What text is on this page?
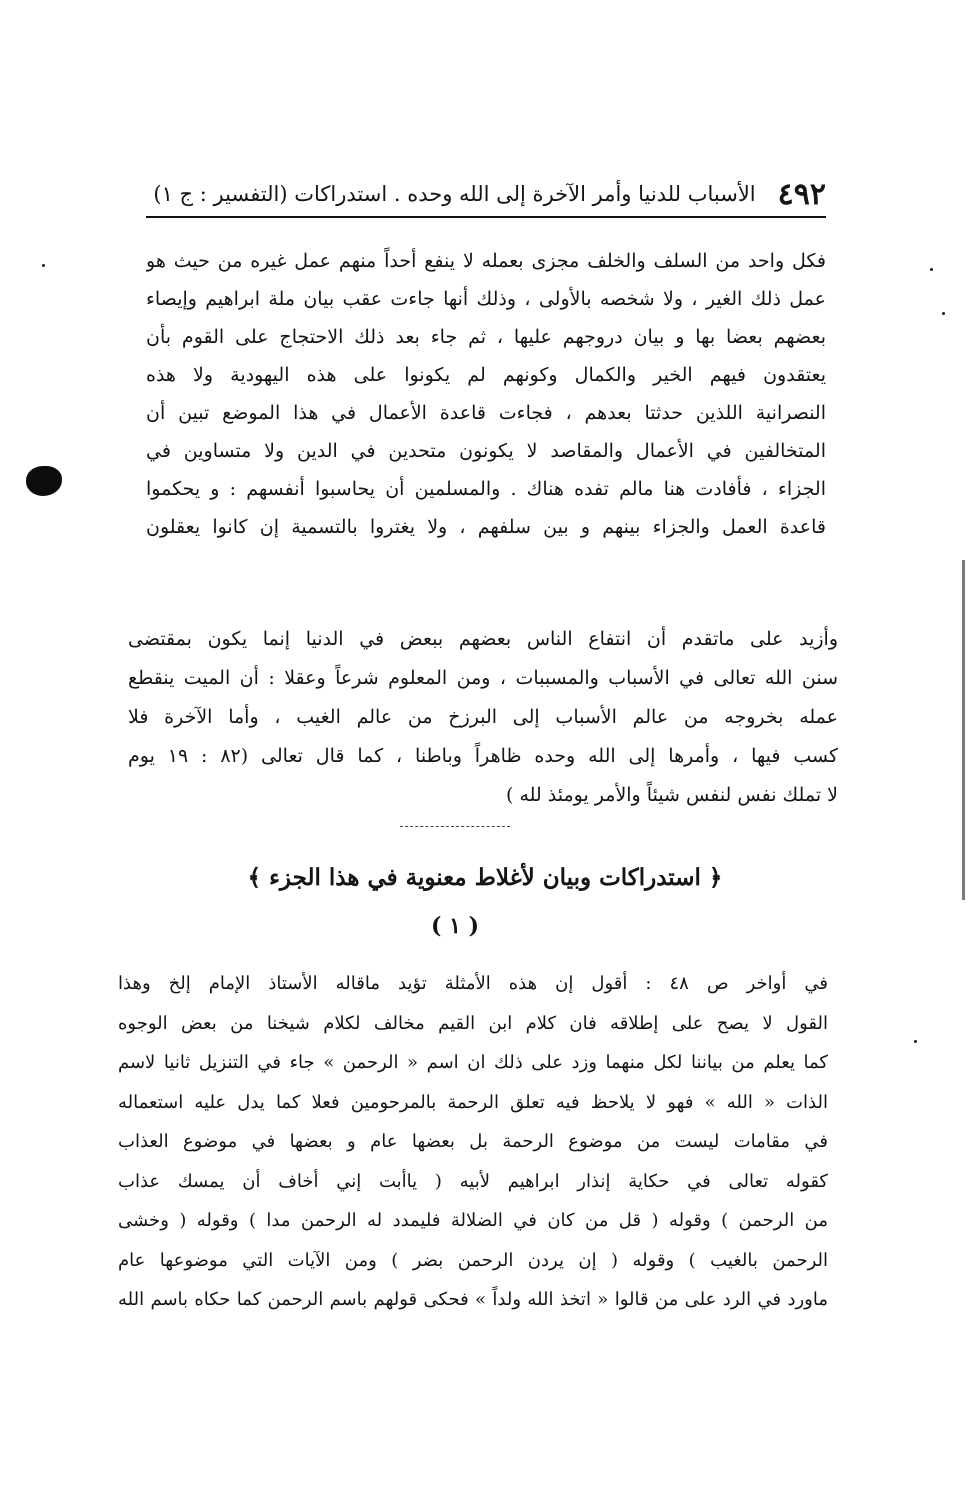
٤٩٢
الأسباب للدنيا وأمر الآخرة إلى الله وحده . استدراكات (التفسير : ج ١)
فكل واحد من السلف والخلف مجزى بعمله لا ينفع أحداً منهم عمل غيره من حيث هو
عمل ذلك الغير ، ولا شخصه بالأولى ، وذلك أنها جاءت عقب بيان ملة ابراهيم وإيصاء
بعضهم بعضا بها و بيان دروجهم عليها ، ثم جاء بعد ذلك الاحتجاج على القوم بأن
يعتقدون فيهم الخير والكمال وكونهم لم يكونوا على هذه اليهودية ولا هذه
النصرانية اللذين حدثتا بعدهم ، فجاءت قاعدة الأعمال في هذا الموضع تبين أن
المتخالفين في الأعمال والمقاصد لا يكونون متحدين في الدين ولا متساوين في
الجزاء ، فأفادت هنا مالم تفده هناك . والمسلمين أن يحاسبوا أنفسهم : و يحكموا
قاعدة العمل والجزاء بينهم و بين سلفهم ، ولا يغتروا بالتسمية إن كانوا يعقلون
وأزيد على ماتقدم أن انتفاع الناس بعضهم ببعض في الدنيا إنما يكون بمقتضى
سنن الله تعالى في الأسباب والمسببات ، ومن المعلوم شرعاً وعقلا : أن الميت ينقطع
عمله بخروجه من عالم الأسباب إلى البرزخ من عالم الغيب ، وأما الآخرة فلا
كسب فيها ، وأمرها إلى الله وحده ظاهراً وباطنا ، كما قال تعالى (٨٢ : ١٩ يوم
لا تملك نفس لنفس شيئاً والأمر يومئذ لله )
﴿ استدراكات وبيان لأغلاط معنوية في هذا الجزء ﴾
( ١ )
في أواخر ص ٤٨ : أقول إن هذه الأمثلة تؤيد ماقاله الأستاذ الإمام إلخ وهذا
القول لا يصح على إطلاقه فان كلام ابن القيم مخالف لكلام شيخنا من بعض الوجوه
كما يعلم من بياننا لكل منهما وزد على ذلك ان اسم « الرحمن » جاء في التنزيل ثانيا لاسم
الذات « الله » فهو لا يلاحظ فيه تعلق الرحمة بالمرحومين فعلا كما يدل عليه استعماله
في مقامات ليست من موضوع الرحمة بل بعضها عام و بعضها في موضوع العذاب
كقوله تعالى في حكاية إنذار ابراهيم لأبيه ( ياأبت إني أخاف أن يمسك عذاب
من الرحمن ) وقوله ( قل من كان في الضلالة فليمدد له الرحمن مدا ) وقوله ( وخشى
الرحمن بالغيب ) وقوله ( إن يردن الرحمن بضر ) ومن الآيات التي موضوعها عام
ماورد في الرد على من قالوا « اتخذ الله ولداً » فحكى قولهم باسم الرحمن كما حكاه باسم الله
